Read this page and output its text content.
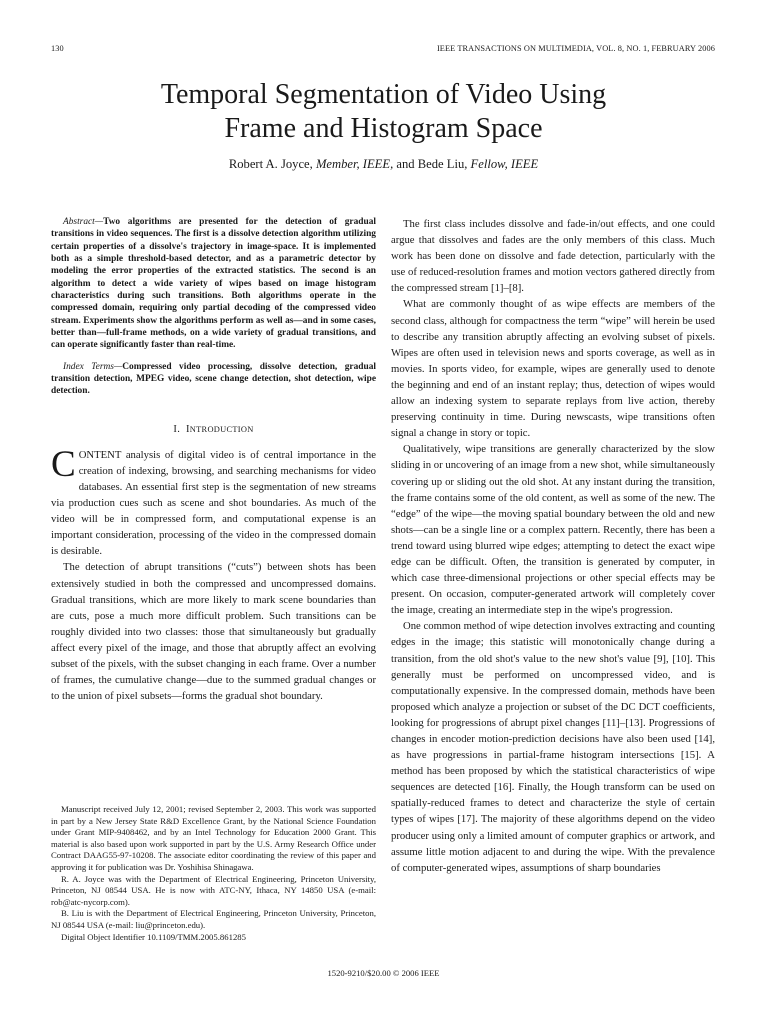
130	IEEE TRANSACTIONS ON MULTIMEDIA, VOL. 8, NO. 1, FEBRUARY 2006
Temporal Segmentation of Video Using
Frame and Histogram Space
Robert A. Joyce, Member, IEEE, and Bede Liu, Fellow, IEEE

Abstract—Two algorithms are presented for the detection of gradual transitions in video sequences. The first is a dissolve detection algorithm utilizing certain properties of a dissolve's trajectory in image-space. It is implemented both as a simple threshold-based detector, and as a parametric detector by modeling the error properties of the extracted statistics. The second is an algorithm to detect a wide variety of wipes based on image histogram characteristics during such transitions. Both algorithms operate in the compressed domain, requiring only partial decoding of the compressed video stream. Experiments show the algorithms perform as well as—and in some cases, better than—full-frame methods, on a wide variety of gradual transitions, and can operate significantly faster than real-time.

Index Terms—Compressed video processing, dissolve detection, gradual transition detection, MPEG video, scene change detection, shot detection, wipe detection.

I. INTRODUCTION

CONTENT analysis of digital video is of central importance in the creation of indexing, browsing, and searching mechanisms for video databases. An essential first step is the segmentation of new streams via production cues such as scene and shot boundaries. As much of the video will be in compressed form, and computational expense is an important consideration, processing of the video in the compressed domain is desirable.

The detection of abrupt transitions (“cuts”) between shots has been extensively studied in both the compressed and uncompressed domains. Gradual transitions, which are more likely to mark scene boundaries than are cuts, pose a much more difficult problem. Such transitions can be roughly divided into two classes: those that simultaneously but gradually affect every pixel of the image, and those that abruptly affect an evolving subset of the pixels, with the subset changing in each frame. Over a number of frames, the cumulative change—due to the summed gradual changes or to the union of pixel subsets—forms the gradual shot boundary.

Manuscript received July 12, 2001; revised September 2, 2003. This work was supported in part by a New Jersey State R&D Excellence Grant, by the National Science Foundation under Grant MIP-9408462, and by an Intel Technology for Education 2000 Grant. This material is also based upon work supported in part by the U.S. Army Research Office under Contract DAAG55-97-10208. The associate editor coordinating the review of this paper and approving it for publication was Dr. Yoshihisa Shinagawa.

R. A. Joyce was with the Department of Electrical Engineering, Princeton University, Princeton, NJ 08544 USA. He is now with ATC-NY, Ithaca, NY 14850 USA (e-mail: rob@atc-nycorp.com).

B. Liu is with the Department of Electrical Engineering, Princeton University, Princeton, NJ 08544 USA (e-mail: liu@princeton.edu).

Digital Object Identifier 10.1109/TMM.2005.861285

The first class includes dissolve and fade-in/out effects, and one could argue that dissolves and fades are the only members of this class. Much work has been done on dissolve and fade detection, particularly with the use of reduced-resolution frames and motion vectors gathered directly from the compressed stream [1]–[8].

What are commonly thought of as wipe effects are members of the second class, although for compactness the term “wipe” will herein be used to describe any transition abruptly affecting an evolving subset of pixels. Wipes are often used in television news and sports coverage, as well as in movies. In sports video, for example, wipes are generally used to denote the beginning and end of an instant replay; thus, detection of wipes would allow an indexing system to separate replays from live action, thereby preserving continuity in time. During newscasts, wipe transitions often signal a change in story or topic.

Qualitatively, wipe transitions are generally characterized by the slow sliding in or uncovering of an image from a new shot, while simultaneously covering up or sliding out the old shot. At any instant during the transition, the frame contains some of the old content, as well as some of the new. The “edge” of the wipe—the moving spatial boundary between the old and new shots—can be a single line or a complex pattern. Recently, there has been a trend toward using blurred wipe edges; attempting to detect the exact wipe edge can be difficult. Often, the transition is generated by computer, in which case three-dimensional projections or other special effects may be present. On occasion, computer-generated artwork will completely cover the image, creating an intermediate step in the wipe's progression.

One common method of wipe detection involves extracting and counting edges in the image; this statistic will monotonically change during a transition, from the old shot's value to the new shot's value [9], [10]. This generally must be performed on uncompressed video, and is computationally expensive. In the compressed domain, methods have been proposed which analyze a projection or subset of the DC DCT coefficients, looking for progressions of abrupt pixel changes [11]–[13]. Progressions of changes in encoder motion-prediction decisions have also been used [14], as have progressions in partial-frame histogram intersections [15]. A method has been proposed by which the statistical characteristics of wipe sequences are detected [16]. Finally, the Hough transform can be used on spatially-reduced frames to detect and characterize the style of certain types of wipes [17]. The majority of these algorithms depend on the video producer using only a limited amount of computer graphics or artwork, and assume little motion adjacent to and during the wipe. With the prevalence of computer-generated wipes, assumptions of sharp boundaries

1520-9210/$20.00 © 2006 IEEE
